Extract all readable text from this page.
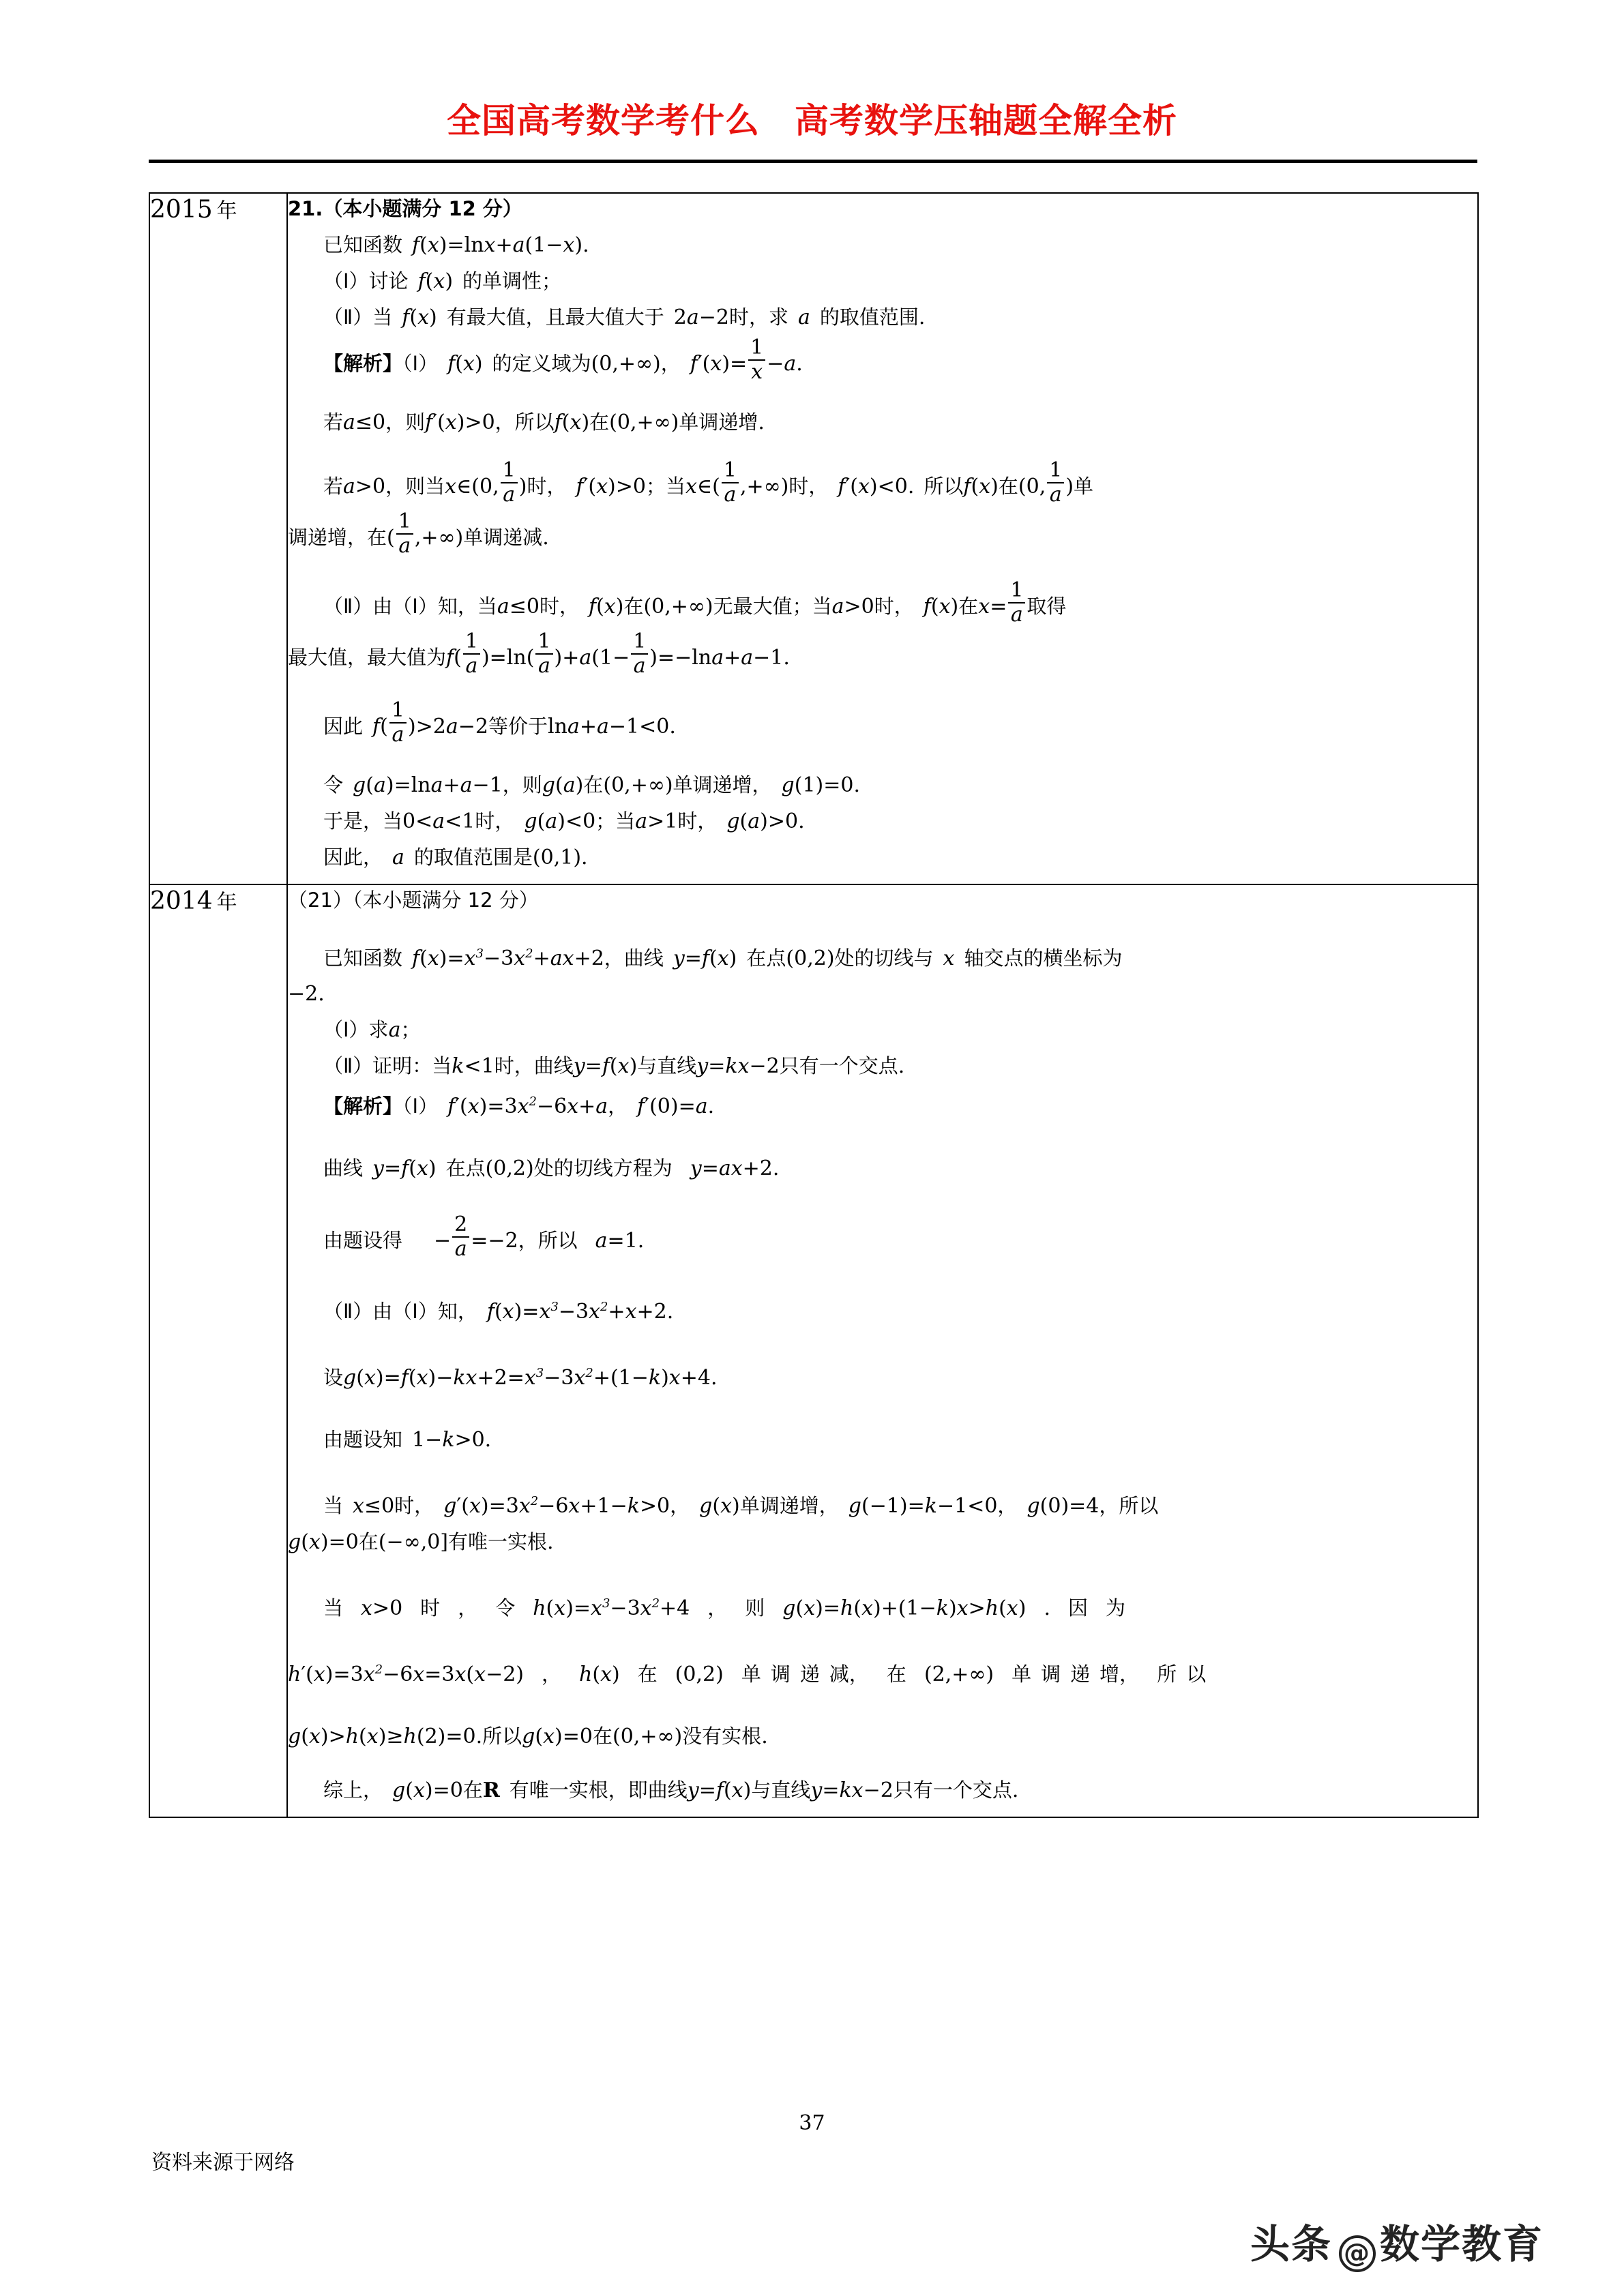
全国高考数学考什么　高考数学压轴题全解全析
2015 年	21.（本小题满分 12 分）
已知函数 f(x)=lnx+a(1−x).
（Ⅰ）讨论 f(x) 的单调性；
（Ⅱ）当 f(x) 有最大值，且最大值大于 2a−2时，求 a 的取值范围.
【解析】（Ⅰ） f(x) 的定义域为(0,+∞)， $f'(x)= \frac{1}{x} -a$.
若a≤0，则f′(x)>0，所以f(x)在(0,+∞)单调递增.
若a>0，则当x∈(0, $\frac{1}{a}$ )时， f′(x)>0；当x∈( $\frac{1}{a}$ ,+∞)时， f′(x)<0. 所以f(x)在(0, $\frac{1}{a}$ )单
调递增，在( $\frac{1}{a}$ ,+∞)单调递减.
（Ⅱ）由（Ⅰ）知，当a≤0时， f(x)在(0,+∞)无最大值；当a>0时， f(x)在$x= \frac{1}{a}$ 取得
最大值，最大值为$f( \frac{1}{a} )=\ln( \frac{1}{a} )+a(1- \frac{1}{a} )=-\ln a+a-1$.
因此 $f( \frac{1}{a} )>2a-2$等价于lna+a−1<0.
令 g(a)=lna+a−1，则g(a)在(0,+∞)单调递增， g(1)=0.
于是，当0<a<1时， g(a)<0；当a>1时， g(a)>0.
因此， a 的取值范围是(0,1).

2014 年	（21）（本小题满分 12 分）
已知函数 $f(x)=x^3-3x^2+ax+2$，曲线 y=f(x) 在点(0,2)处的切线与 x 轴交点的横坐标为
−2.
（Ⅰ）求a；
（Ⅱ）证明：当k<1时，曲线y=f(x)与直线y=kx−2只有一个交点.
【解析】（Ⅰ） $f'(x)=3x^2-6x+a$， f′(0)=a.
曲线 y=f(x) 在点(0,2)处的切线方程为 y=ax+2.
由题设得 − $\frac{2}{a} =-2$，所以 a=1.
（Ⅱ）由（Ⅰ）知， $f(x)=x^3-3x^2+x+2$.
设$g(x)=f(x)-kx+2=x^3-3x^2+(1-k)x+4$.
由题设知 1−k>0.
当 x≤0时， $g'(x)=3x^2-6x+1-k>0$， g(x)单调递增， g(−1)=k−1<0， g(0)=4，所以
g(x)=0在(−∞,0]有唯一实根.
当 x>0 时 ， 令 $h(x)=x^3-3x^2+4$ ， 则 g(x)=h(x)+(1−k)x>h(x) . 因 为
$h'(x)=3x^2-6x=3x(x-2)$ ， h(x) 在 (0,2) 单 调 递 减， 在 (2,+∞) 单 调 递 增， 所 以
g(x)>h(x)≥h(2)=0.所以g(x)=0在(0,+∞)没有实根.
综上， g(x)=0在R 有唯一实根，即曲线y=f(x)与直线y=kx−2只有一个交点.
37
资料来源于网络
头条 @ 数学教育
